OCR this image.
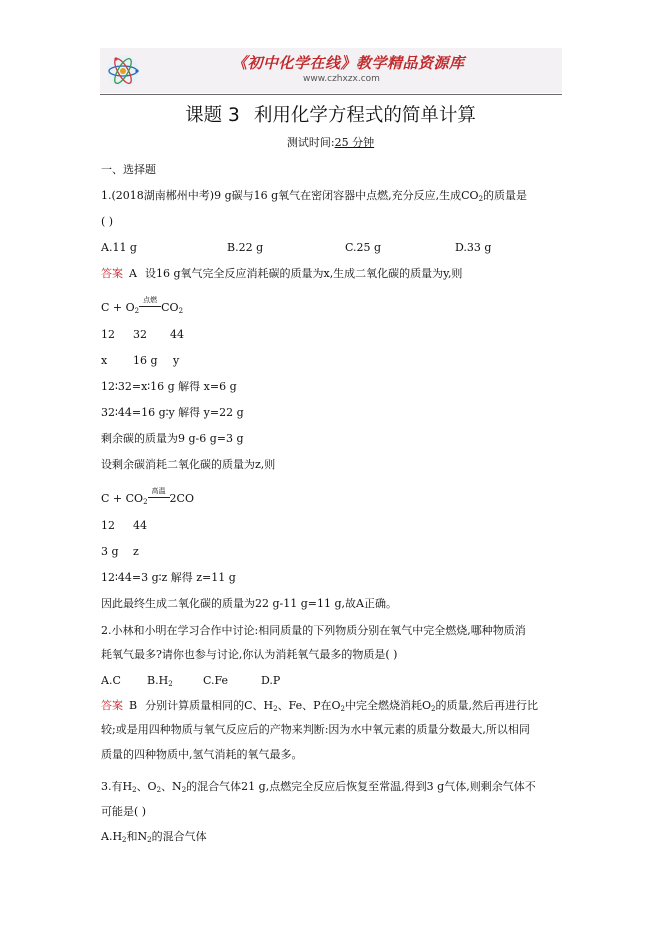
《初中化学在线》教学精品资源库
www.czhxzx.com
课题 3 利用化学方程式的简单计算
测试时间:25 分钟
一、选择题
1.(2018湖南郴州中考)9 g碳与16 g氧气在密闭容器中点燃,充分反应,生成$CO_2$的质量是
( )
A.11 g	B.22 g	C.25 g	D.33 g
答案 A 设16 g氧气完全反应消耗碳的质量为x,生成二氧化碳的质量为y,则
$C + O_2$
点燃
$CO_2$
12 32 44
x 16 g y
12∶32=x∶16 g 解得 x=6 g
32∶44=16 g∶y 解得 y=22 g
剩余碳的质量为9 g-6 g=3 g
设剩余碳消耗二氧化碳的质量为z,则
$C + CO_2$
高温
2CO
12 44
3 g z
12∶44=3 g∶z 解得 z=11 g
因此最终生成二氧化碳的质量为22 g-11 g=11 g,故A正确。
2.小林和小明在学习合作中讨论:相同质量的下列物质分别在氧气中完全燃烧,哪种物质消
耗氧气最多?请你也参与讨论,你认为消耗氧气最多的物质是( )
A.C $B.H_2$	C.Fe	D.P
答案 B 分别计算质量相同的C、$H_2$、Fe、P在$O_2$中完全燃烧消耗$O_2$的质量,然后再进行比
较;或是用四种物质与氧气反应后的产物来判断:因为水中氧元素的质量分数最大,所以相同
质量的四种物质中,氢气消耗的氧气最多。
3.有$H_2$、$O_2$、$N_2$的混合气体21 g,点燃完全反应后恢复至常温,得到3 g气体,则剩余气体不
可能是( )
$A.H_2$和$N_2$的混合气体
